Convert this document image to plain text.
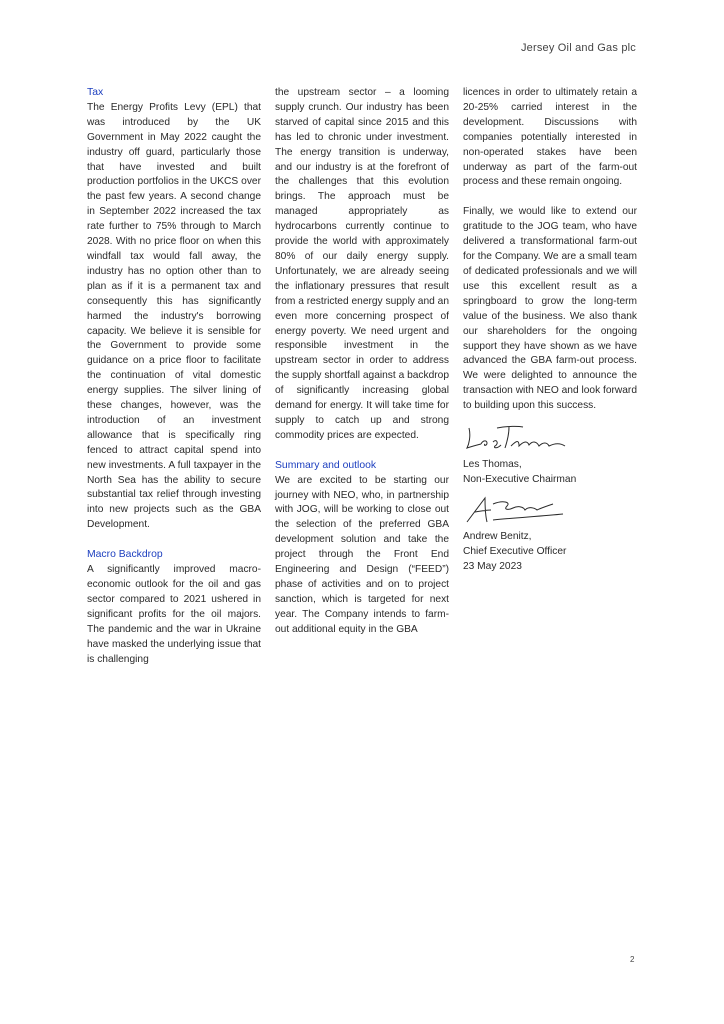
Jersey Oil and Gas plc
Tax

The Energy Profits Levy (EPL) that was introduced by the UK Government in May 2022 caught the industry off guard, particularly those that have invested and built production portfolios in the UKCS over the past few years. A second change in September 2022 increased the tax rate further to 75% through to March 2028. With no price floor on when this windfall tax would fall away, the industry has no option other than to plan as if it is a permanent tax and consequently this has significantly harmed the industry's borrowing capacity. We believe it is sensible for the Government to provide some guidance on a price floor to facilitate the continuation of vital domestic energy supplies. The silver lining of these changes, however, was the introduction of an investment allowance that is specifically ring fenced to attract capital spend into new investments. A full taxpayer in the North Sea has the ability to secure substantial tax relief through investing into new projects such as the GBA Development.

Macro Backdrop

A significantly improved macro-economic outlook for the oil and gas sector compared to 2021 ushered in significant profits for the oil majors. The pandemic and the war in Ukraine have masked the underlying issue that is challenging

the upstream sector – a looming supply crunch. Our industry has been starved of capital since 2015 and this has led to chronic under investment. The energy transition is underway, and our industry is at the forefront of the challenges that this evolution brings. The approach must be managed appropriately as hydrocarbons currently continue to provide the world with approximately 80% of our daily energy supply. Unfortunately, we are already seeing the inflationary pressures that result from a restricted energy supply and an even more concerning prospect of energy poverty. We need urgent and responsible investment in the upstream sector in order to address the supply shortfall against a backdrop of significantly increasing global demand for energy. It will take time for supply to catch up and strong commodity prices are expected.

Summary and outlook

We are excited to be starting our journey with NEO, who, in partnership with JOG, will be working to close out the selection of the preferred GBA development solution and take the project through the Front End Engineering and Design (“FEED”) phase of activities and on to project sanction, which is targeted for next year. The Company intends to farm-out additional equity in the GBA

licences in order to ultimately retain a 20-25% carried interest in the development. Discussions with companies potentially interested in non-operated stakes have been underway as part of the farm-out process and these remain ongoing.

Finally, we would like to extend our gratitude to the JOG team, who have delivered a transformational farm-out for the Company. We are a small team of dedicated professionals and we will use this excellent result as a springboard to grow the long-term value of the business. We also thank our shareholders for the ongoing support they have shown as we have advanced the GBA farm-out process. We were delighted to announce the transaction with NEO and look forward to building upon this success.

Les Thomas,

Non-Executive Chairman

Andrew Benitz,

Chief Executive Officer

23 May 2023

2
